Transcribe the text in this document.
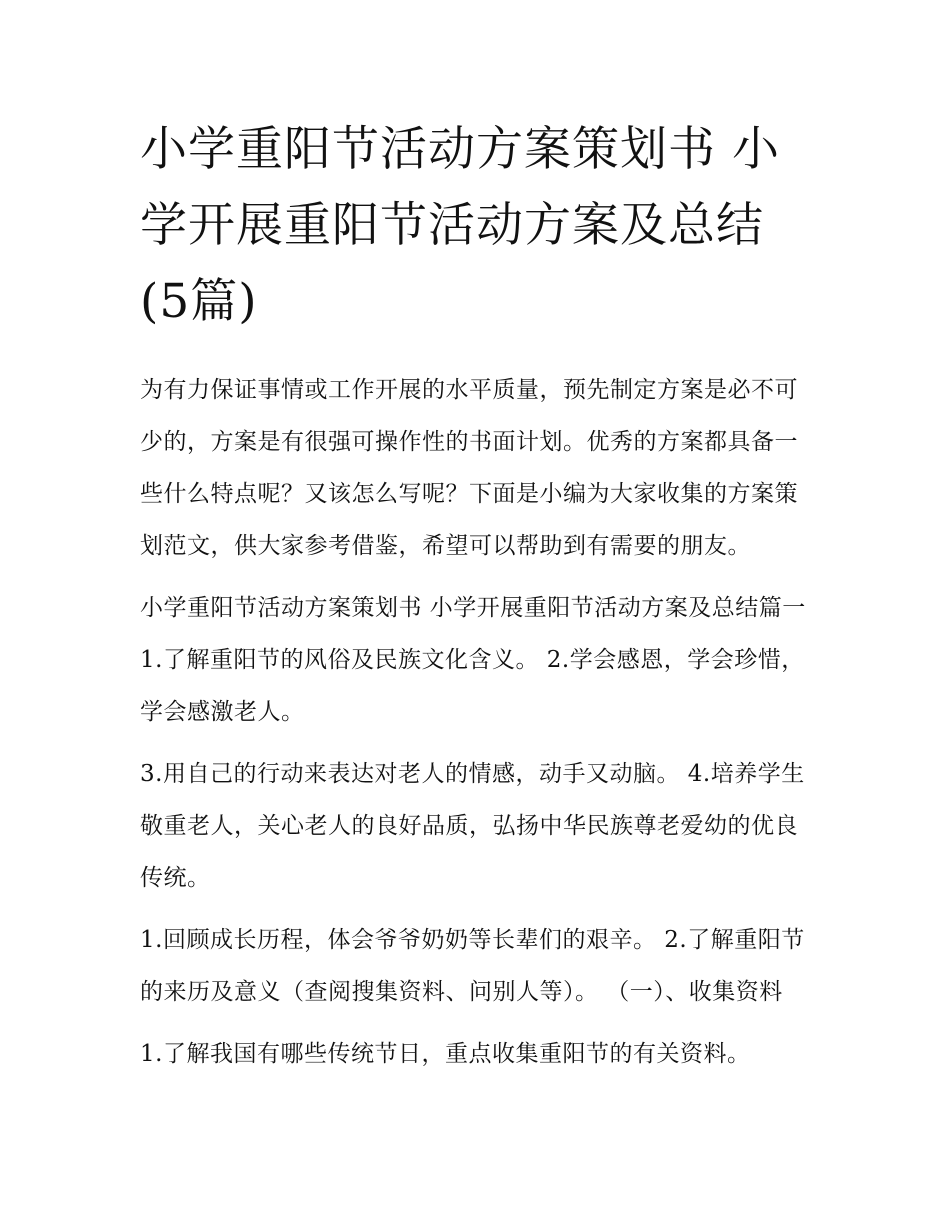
小学重阳节活动方案策划书 小学开展重阳节活动方案及总结(5篇)

为有力保证事情或工作开展的水平质量，预先制定方案是必不可少的，方案是有很强可操作性的书面计划。优秀的方案都具备一些什么特点呢？又该怎么写呢？下面是小编为大家收集的方案策划范文，供大家参考借鉴，希望可以帮助到有需要的朋友。

小学重阳节活动方案策划书 小学开展重阳节活动方案及总结篇一 1.了解重阳节的风俗及民族文化含义。 2.学会感恩，学会珍惜，学会感激老人。

3.用自己的行动来表达对老人的情感，动手又动脑。 4.培养学生敬重老人，关心老人的良好品质，弘扬中华民族尊老爱幼的优良传统。

1.回顾成长历程，体会爷爷奶奶等长辈们的艰辛。 2.了解重阳节的来历及意义（查阅搜集资料、问别人等）。 （一）、收集资料

1.了解我国有哪些传统节日，重点收集重阳节的有关资料。
